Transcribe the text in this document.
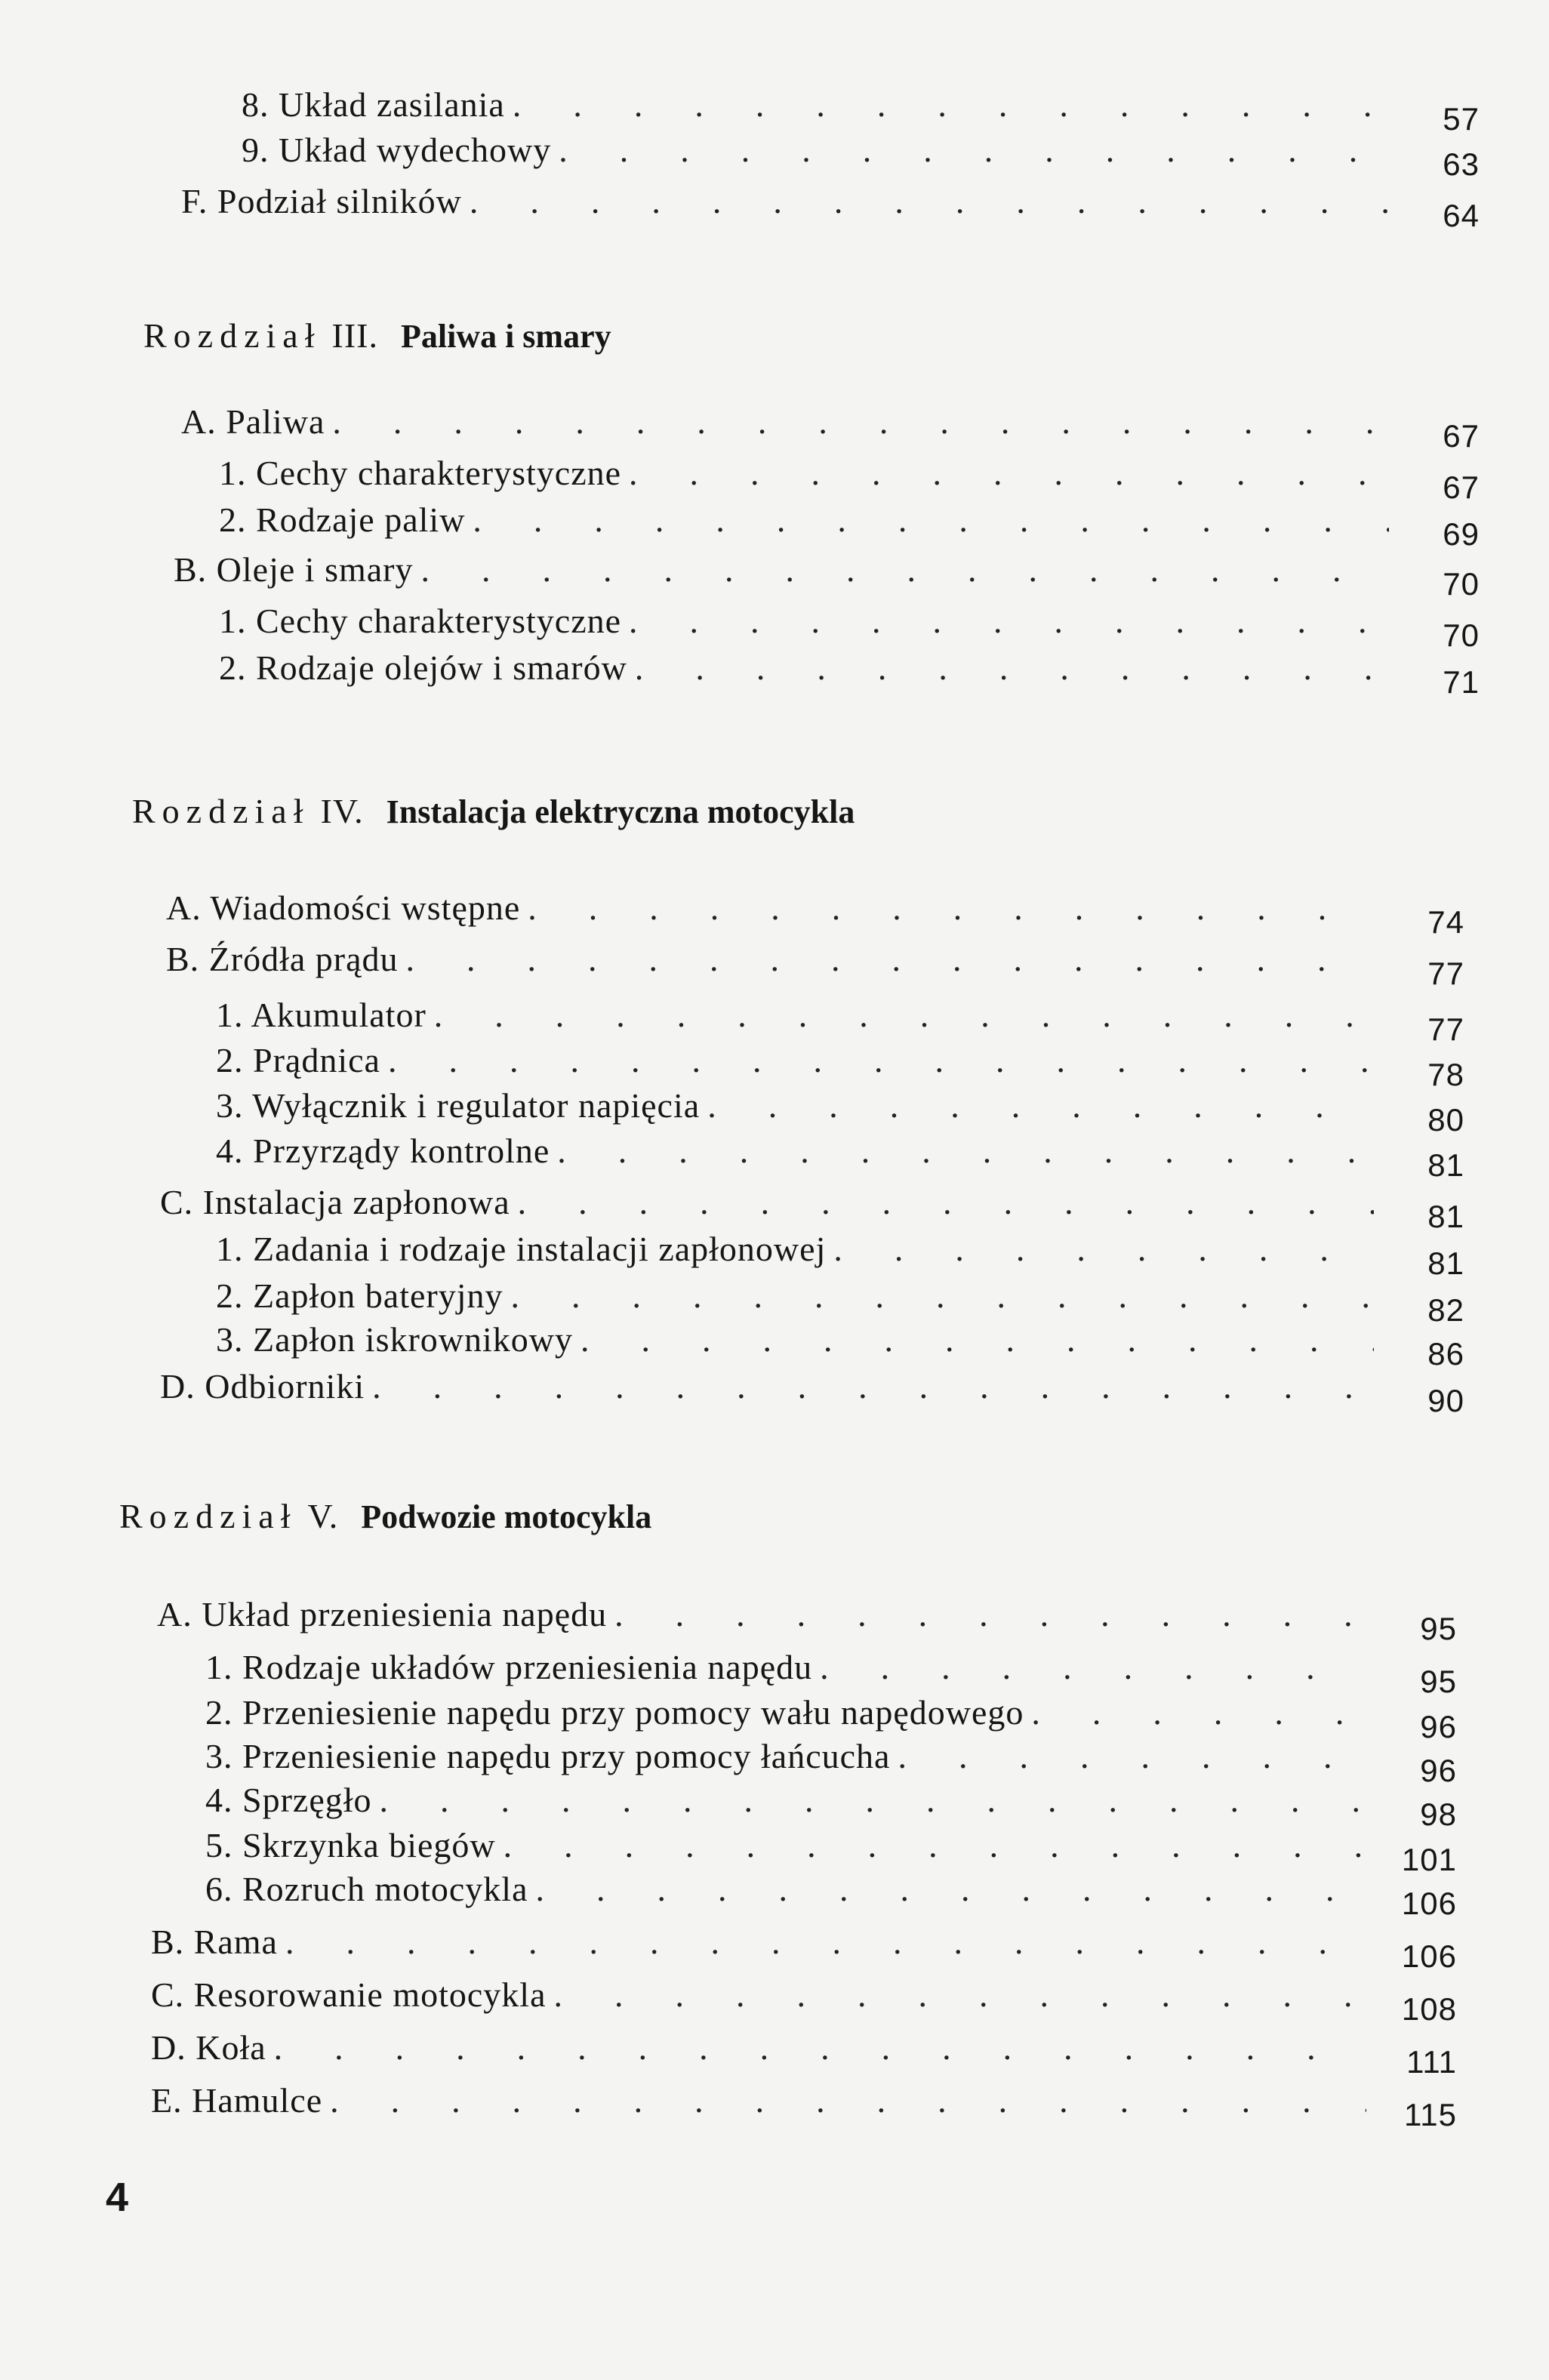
8. Układ zasilania .	57
9. Układ wydechowy .	63
F. Podział silników .	64
Rozdział III. Paliwa i smary
A. Paliwa .	67
1. Cechy charakterystyczne .	67
2. Rodzaje paliw .	69
B. Oleje i smary .	70
1. Cechy charakterystyczne .	70
2. Rodzaje olejów i smarów .	71
Rozdział IV. Instalacja elektryczna motocykla
A. Wiadomości wstępne .	74
B. Źródła prądu .	77
1. Akumulator .	77
2. Prądnica .	78
3. Wyłącznik i regulator napięcia .	80
4. Przyrządy kontrolne .	81
C. Instalacja zapłonowa .	81
1. Zadania i rodzaje instalacji zapłonowej .	81
2. Zapłon bateryjny .	82
3. Zapłon iskrownikowy .	86
D. Odbiorniki .	90
Rozdział V. Podwozie motocykla
A. Układ przeniesienia napędu .	95
1. Rodzaje układów przeniesienia napędu .	95
2. Przeniesienie napędu przy pomocy wału napędowego .	96
3. Przeniesienie napędu przy pomocy łańcucha .	96
4. Sprzęgło .	98
5. Skrzynka biegów .	101
6. Rozruch motocykla .	106
B. Rama .	106
C. Resorowanie motocykla .	108
D. Koła .	111
E. Hamulce .	115
4
